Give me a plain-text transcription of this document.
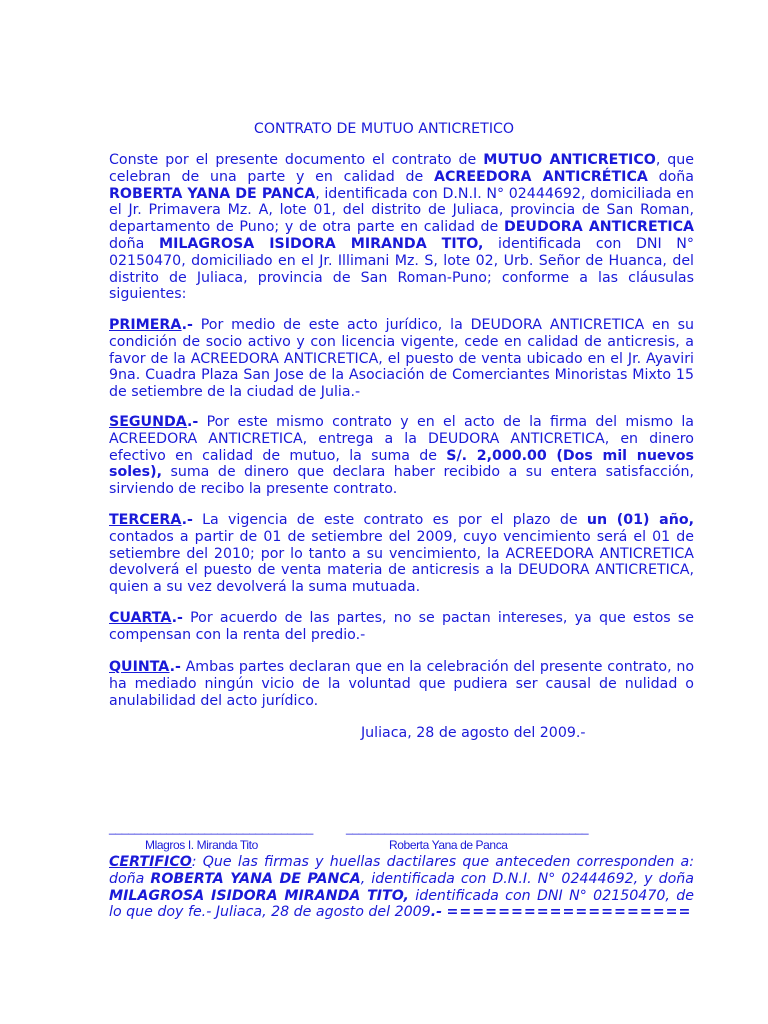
CONTRATO DE MUTUO ANTICRETICO
Conste por el presente documento el contrato de MUTUO ANTICRETICO, que celebran de una parte y en calidad de ACREEDORA ANTICRÉTICA doña ROBERTA YANA DE PANCA, identificada con D.N.I. N° 02444692, domiciliada en el Jr. Primavera Mz. A, lote 01, del distrito de Juliaca, provincia de San Roman, departamento de Puno; y de otra parte en calidad de DEUDORA ANTICRETICA doña MILAGROSA ISIDORA MIRANDA TITO, identificada con DNI N° 02150470, domiciliado en el Jr. Illimani Mz. S, lote 02, Urb. Señor de Huanca, del distrito de Juliaca, provincia de San Roman-Puno; conforme a las cláusulas siguientes:
PRIMERA.- Por medio de este acto jurídico, la DEUDORA ANTICRETICA en su condición de socio activo y con licencia vigente, cede en calidad de anticresis, a favor de la ACREEDORA ANTICRETICA, el puesto de venta ubicado en el Jr. Ayaviri 9na. Cuadra Plaza San Jose de la Asociación de Comerciantes Minoristas Mixto 15 de setiembre de la ciudad de Julia.-
SEGUNDA.- Por este mismo contrato y en el acto de la firma del mismo la ACREEDORA ANTICRETICA, entrega a la DEUDORA ANTICRETICA, en dinero efectivo en calidad de mutuo, la suma de S/. 2,000.00 (Dos mil nuevos soles), suma de dinero que declara haber recibido a su entera satisfacción, sirviendo de recibo la presente contrato.
TERCERA.- La vigencia de este contrato es por el plazo de un (01) año, contados a partir de 01 de setiembre del 2009, cuyo vencimiento será el 01 de setiembre del 2010; por lo tanto a su vencimiento, la ACREEDORA ANTICRETICA devolverá el puesto de venta materia de anticresis a la DEUDORA ANTICRETICA, quien a su vez devolverá la suma mutuada.
CUARTA.- Por acuerdo de las partes, no se pactan intereses, ya que estos se compensan con la renta del predio.-
QUINTA.- Ambas partes declaran que en la celebración del presente contrato, no ha mediado ningún vicio de la voluntad que pudiera ser causal de nulidad o anulabilidad del acto jurídico.
Juliaca, 28 de agosto del 2009.-
________________________________	______________________________________
Mlagros I. Miranda Tito	Roberta Yana de Panca
CERTIFICO: Que las firmas y huellas dactilares que anteceden corresponden a: doña ROBERTA YANA DE PANCA, identificada con D.N.I. N° 02444692, y doña MILAGROSA ISIDORA MIRANDA TITO, identificada con DNI N° 02150470, de lo que doy fe.- Juliaca, 28 de agosto del 2009.- ===================
